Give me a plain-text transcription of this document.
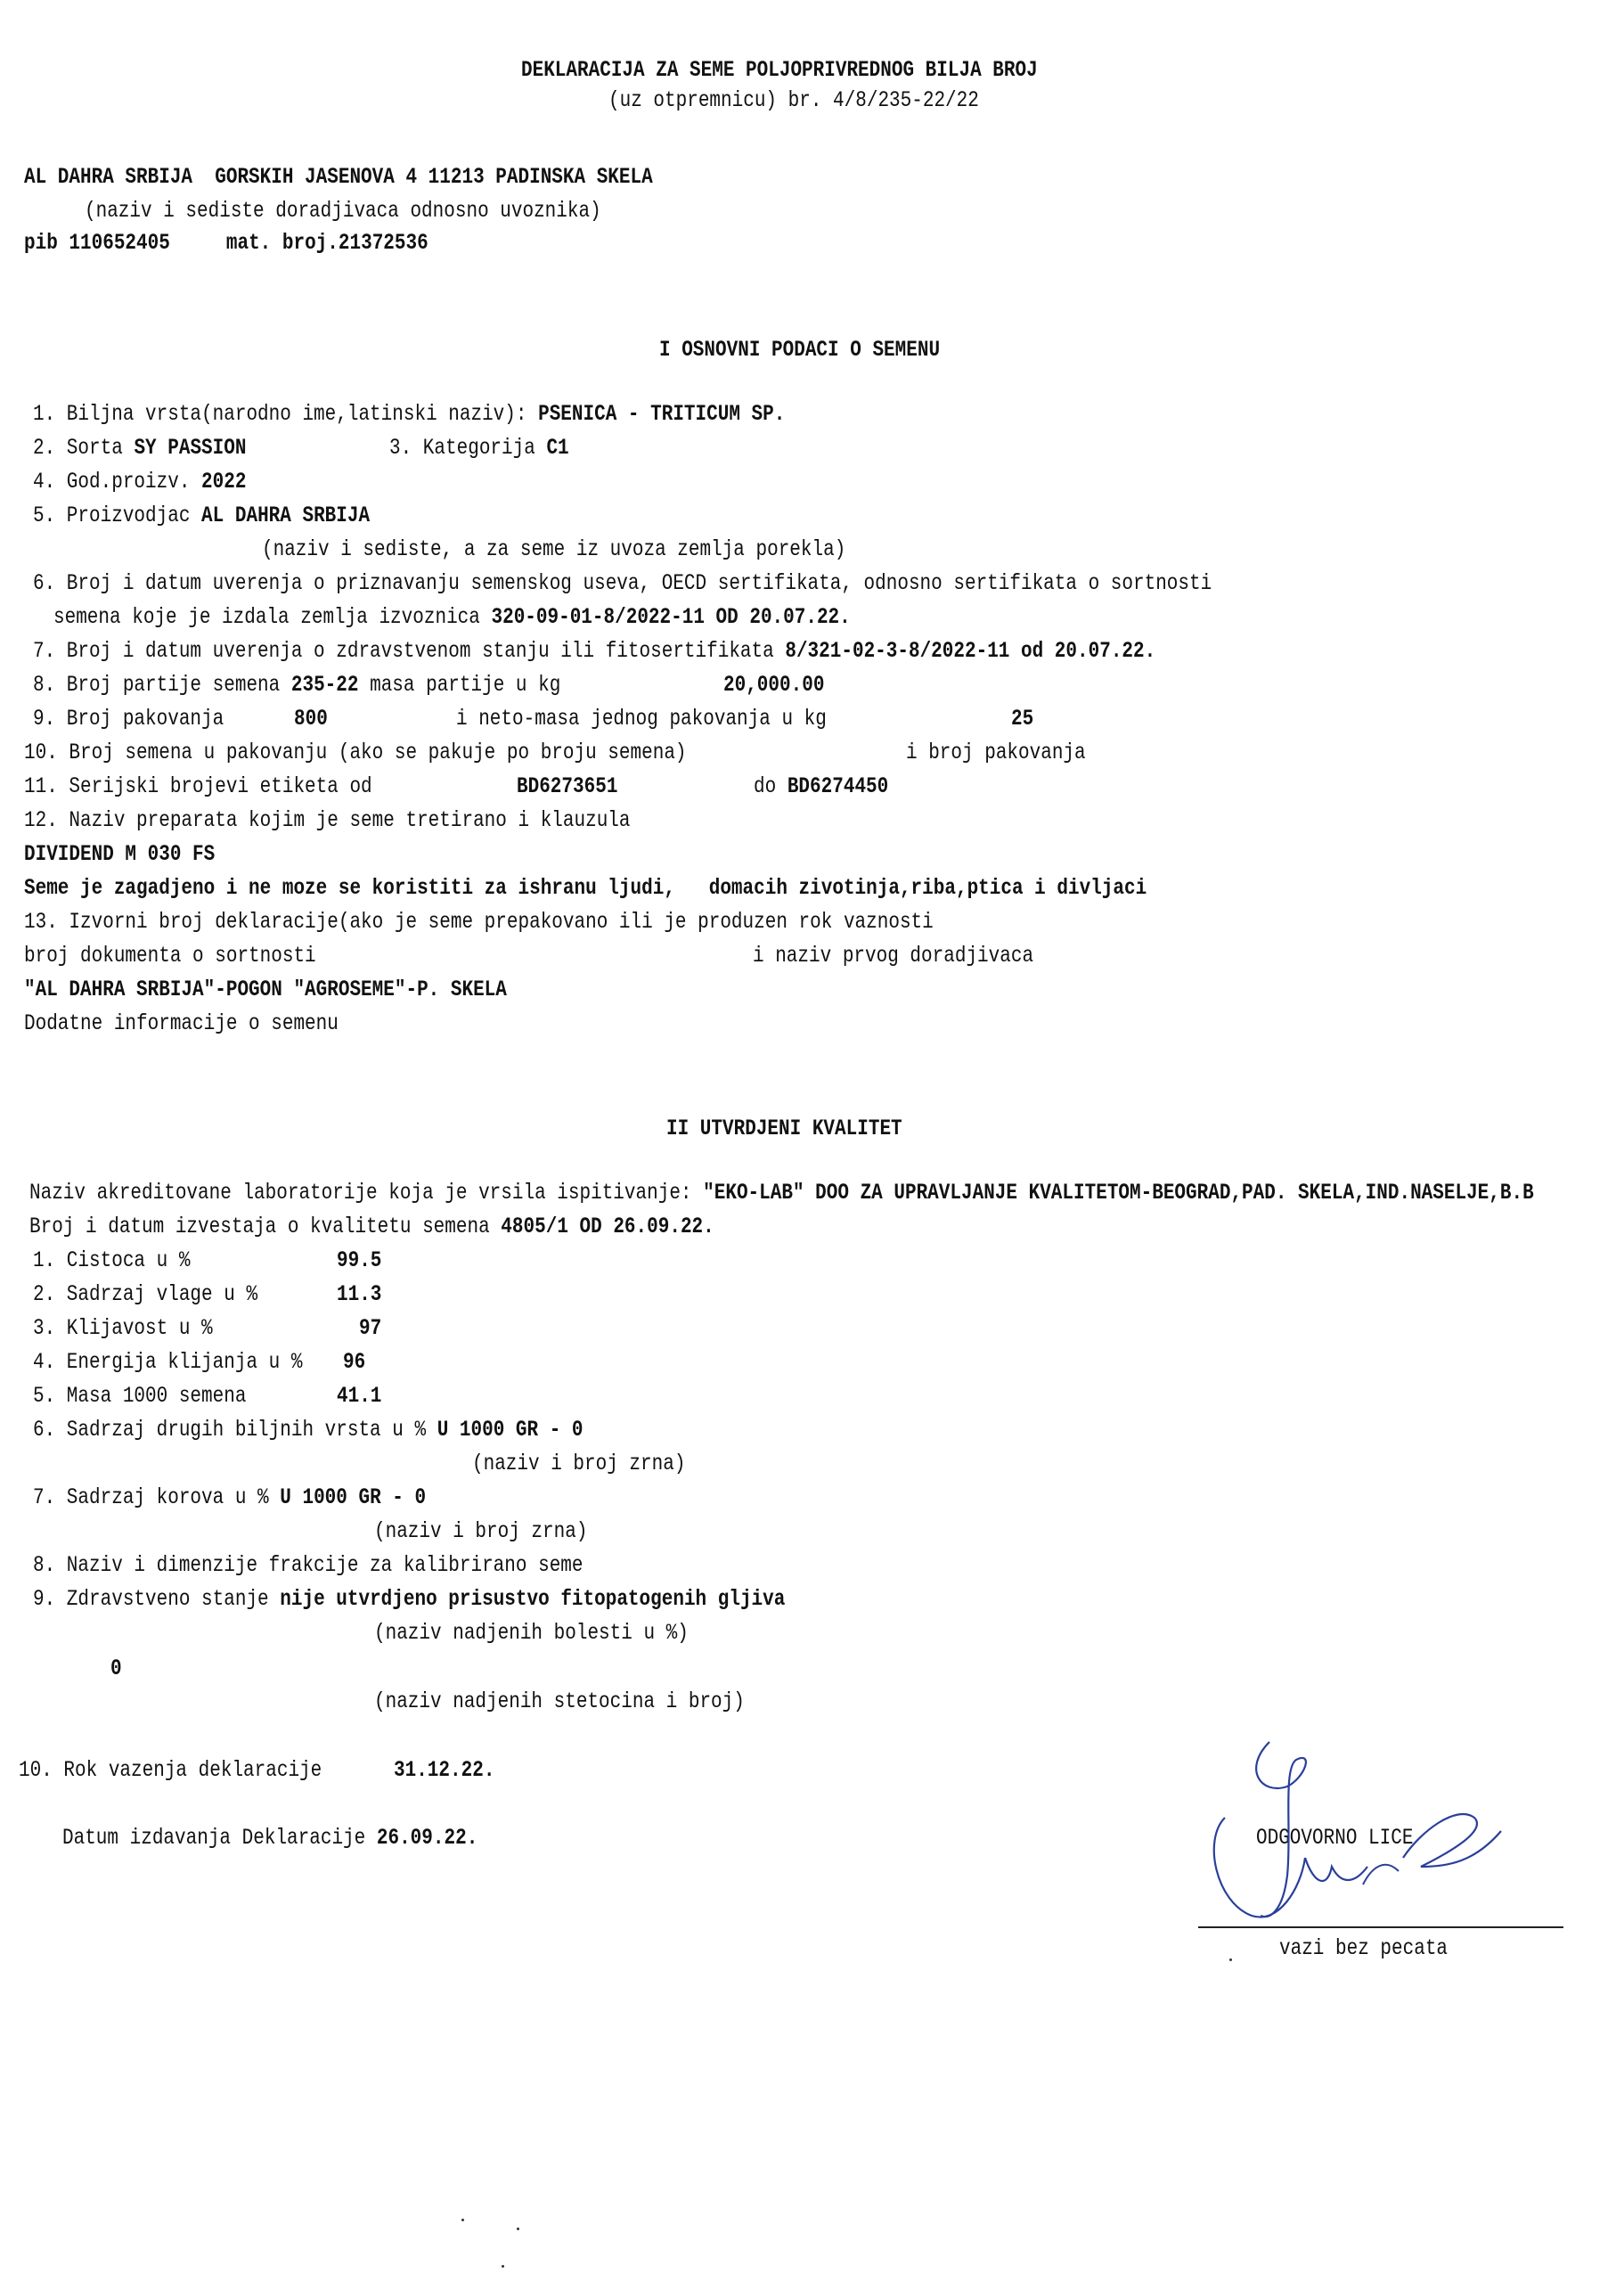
DEKLARACIJA ZA SEME POLJOPRIVREDNOG BILJA BROJ
(uz otpremnicu) br. 4/8/235-22/22
AL DAHRA SRBIJA  GORSKIH JASENOVA 4 11213 PADINSKA SKELA
(naziv i sediste doradjivaca odnosno uvoznika)
pib 110652405	mat. broj.21372536
I OSNOVNI PODACI O SEMENU
1. Biljna vrsta(narodno ime,latinski naziv): PSENICA - TRITICUM SP.
2. Sorta SY PASSION	3. Kategorija C1
4. God.proizv. 2022
5. Proizvodjac AL DAHRA SRBIJA
(naziv i sediste, a za seme iz uvoza zemlja porekla)
6. Broj i datum uverenja o priznavanju semenskog useva, OECD sertifikata, odnosno sertifikata o sortnosti
semena koje je izdala zemlja izvoznica 320-09-01-8/2022-11 OD 20.07.22.
7. Broj i datum uverenja o zdravstvenom stanju ili fitosertifikata 8/321-02-3-8/2022-11 od 20.07.22.
8. Broj partije semena 235-22 masa partije u kg	20,000.00
9. Broj pakovanja	800	i neto-masa jednog pakovanja u kg	25
10. Broj semena u pakovanju (ako se pakuje po broju semena)	i broj pakovanja
11. Serijski brojevi etiketa od	BD6273651	do BD6274450
12. Naziv preparata kojim je seme tretirano i klauzula
DIVIDEND M 030 FS
Seme je zagadjeno i ne moze se koristiti za ishranu ljudi,   domacih zivotinja,riba,ptica i divljaci
13. Izvorni broj deklaracije(ako je seme prepakovano ili je produzen rok vaznosti
broj dokumenta o sortnosti	i naziv prvog doradjivaca
"AL DAHRA SRBIJA"-POGON "AGROSEME"-P. SKELA
Dodatne informacije o semenu
II UTVRDJENI KVALITET
Naziv akreditovane laboratorije koja je vrsila ispitivanje: "EKO-LAB" DOO ZA UPRAVLJANJE KVALITETOM-BEOGRAD,PAD. SKELA,IND.NASELJE,B.B
Broj i datum izvestaja o kvalitetu semena 4805/1 OD 26.09.22.
1. Cistoca u %	99.5
2. Sadrzaj vlage u %	11.3
3. Klijavost u %	97
4. Energija klijanja u % 96
5. Masa 1000 semena	41.1
6. Sadrzaj drugih biljnih vrsta u % U 1000 GR - 0
(naziv i broj zrna)
7. Sadrzaj korova u % U 1000 GR - 0
(naziv i broj zrna)
8. Naziv i dimenzije frakcije za kalibrirano seme
9. Zdravstveno stanje nije utvrdjeno prisustvo fitopatogenih gljiva
(naziv nadjenih bolesti u %)
0
(naziv nadjenih stetocina i broj)
10. Rok vazenja deklaracije	31.12.22.
Datum izdavanja Deklaracije 26.09.22.	ODGOVORNO LICE
vazi bez pecata
